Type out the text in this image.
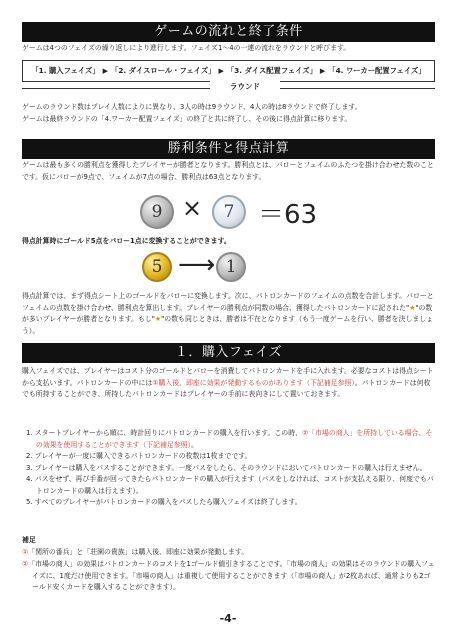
ゲームの流れと終了条件
ゲームは4つのフェイズの繰り返しにより進行します。フェイズ1～4の一連の流れをラウンドと呼びます。
「1. 購入フェイズ」 ▶ 「2. ダイスロール・フェイズ」 ▶ 「3. ダイス配置フェイズ」 ▶ 「4. ワーカー配置フェイズ」
ラウンド
ゲームのラウンド数はプレイ人数によりに異なり、3人の時は9ラウンド、4人の時は8ラウンドで終了します。
ゲームは最終ラウンドの「4.ワーカー配置フェイズ」の終了と共に終了し、その後に得点計算に移ります。
勝利条件と得点計算
ゲームは最も多くの勝利点を獲得したプレイヤーが勝者となります。勝利点とは、バローとフェイムのふたつを掛け合わせた数のことです。仮にバローが9点で、フェイムが7点の場合、勝利点は63点となります。
9 × 7 ＝63
得点計算時にゴールド5点をバロー1点に変換することができます。
5 ⟶ 1
得点計算では、まず得点シート上のゴールドをバローに変換します。次に、パトロンカードのフェイムの点数を合計します。バローとフェイムの点数を掛け合わせ、勝利点を算出します。プレイヤーの勝利点が同数の場合、獲得したパトロンカードに記された"★"の数が多いプレイヤーが勝者となります。もし"★"の数も同じときは、勝者は不在となります（もう一度ゲームを行い、勝者を決しましょう）。
１．購入フェイズ
購入フェイズでは、プレイヤーはコスト分のゴールドとバローを消費してパトロンカードを手に入れます。必要なコストは得点シートから支払います。パトロンカードの中には①購入後、即座に効果が発動するものがあります（下記補足参照）。パトロンカードは何枚でも所持することができ、所持したパトロンカードはプレイヤーの手前に表向きにして置いておきます。
1. スタートプレイヤーから順に、時計回りにパトロンカードの購入を行います。この時、②「市場の商人」を所持している場合、その効果を使用することができます（下記補足参照）。
2. プレイヤーが一度に購入できるパトロンカードの枚数は1枚までです。
3. プレイヤーは購入をパスすることができます。一度パスをしたら、そのラウンドにおいてパトロンカードの購入は行えません。
4. パスをせず、再び手番が回ってきたらパトロンカードの購入が行えます（パスをしなければ、コストが支払える限り、何度でもパトロンカードの購入は行えます）。
5. すべてのプレイヤーがパトロンカードの購入をパスしたら購入フェイズは終了します。
補足
①「関所の番兵」と「荘園の貴族」は購入後、即座に効果が発動します。
②「市場の商人」の効果はパトロンカードのコストを1ゴールド値引きすることです。「市場の商人」の効果はそのラウンドの購入フェイズに、1度だけ使用できます。「市場の商人」は重複して使用することができます（「市場の商人」が2枚あれば、通常よりも2ゴールド安くカードを購入することができます）。
-4-
